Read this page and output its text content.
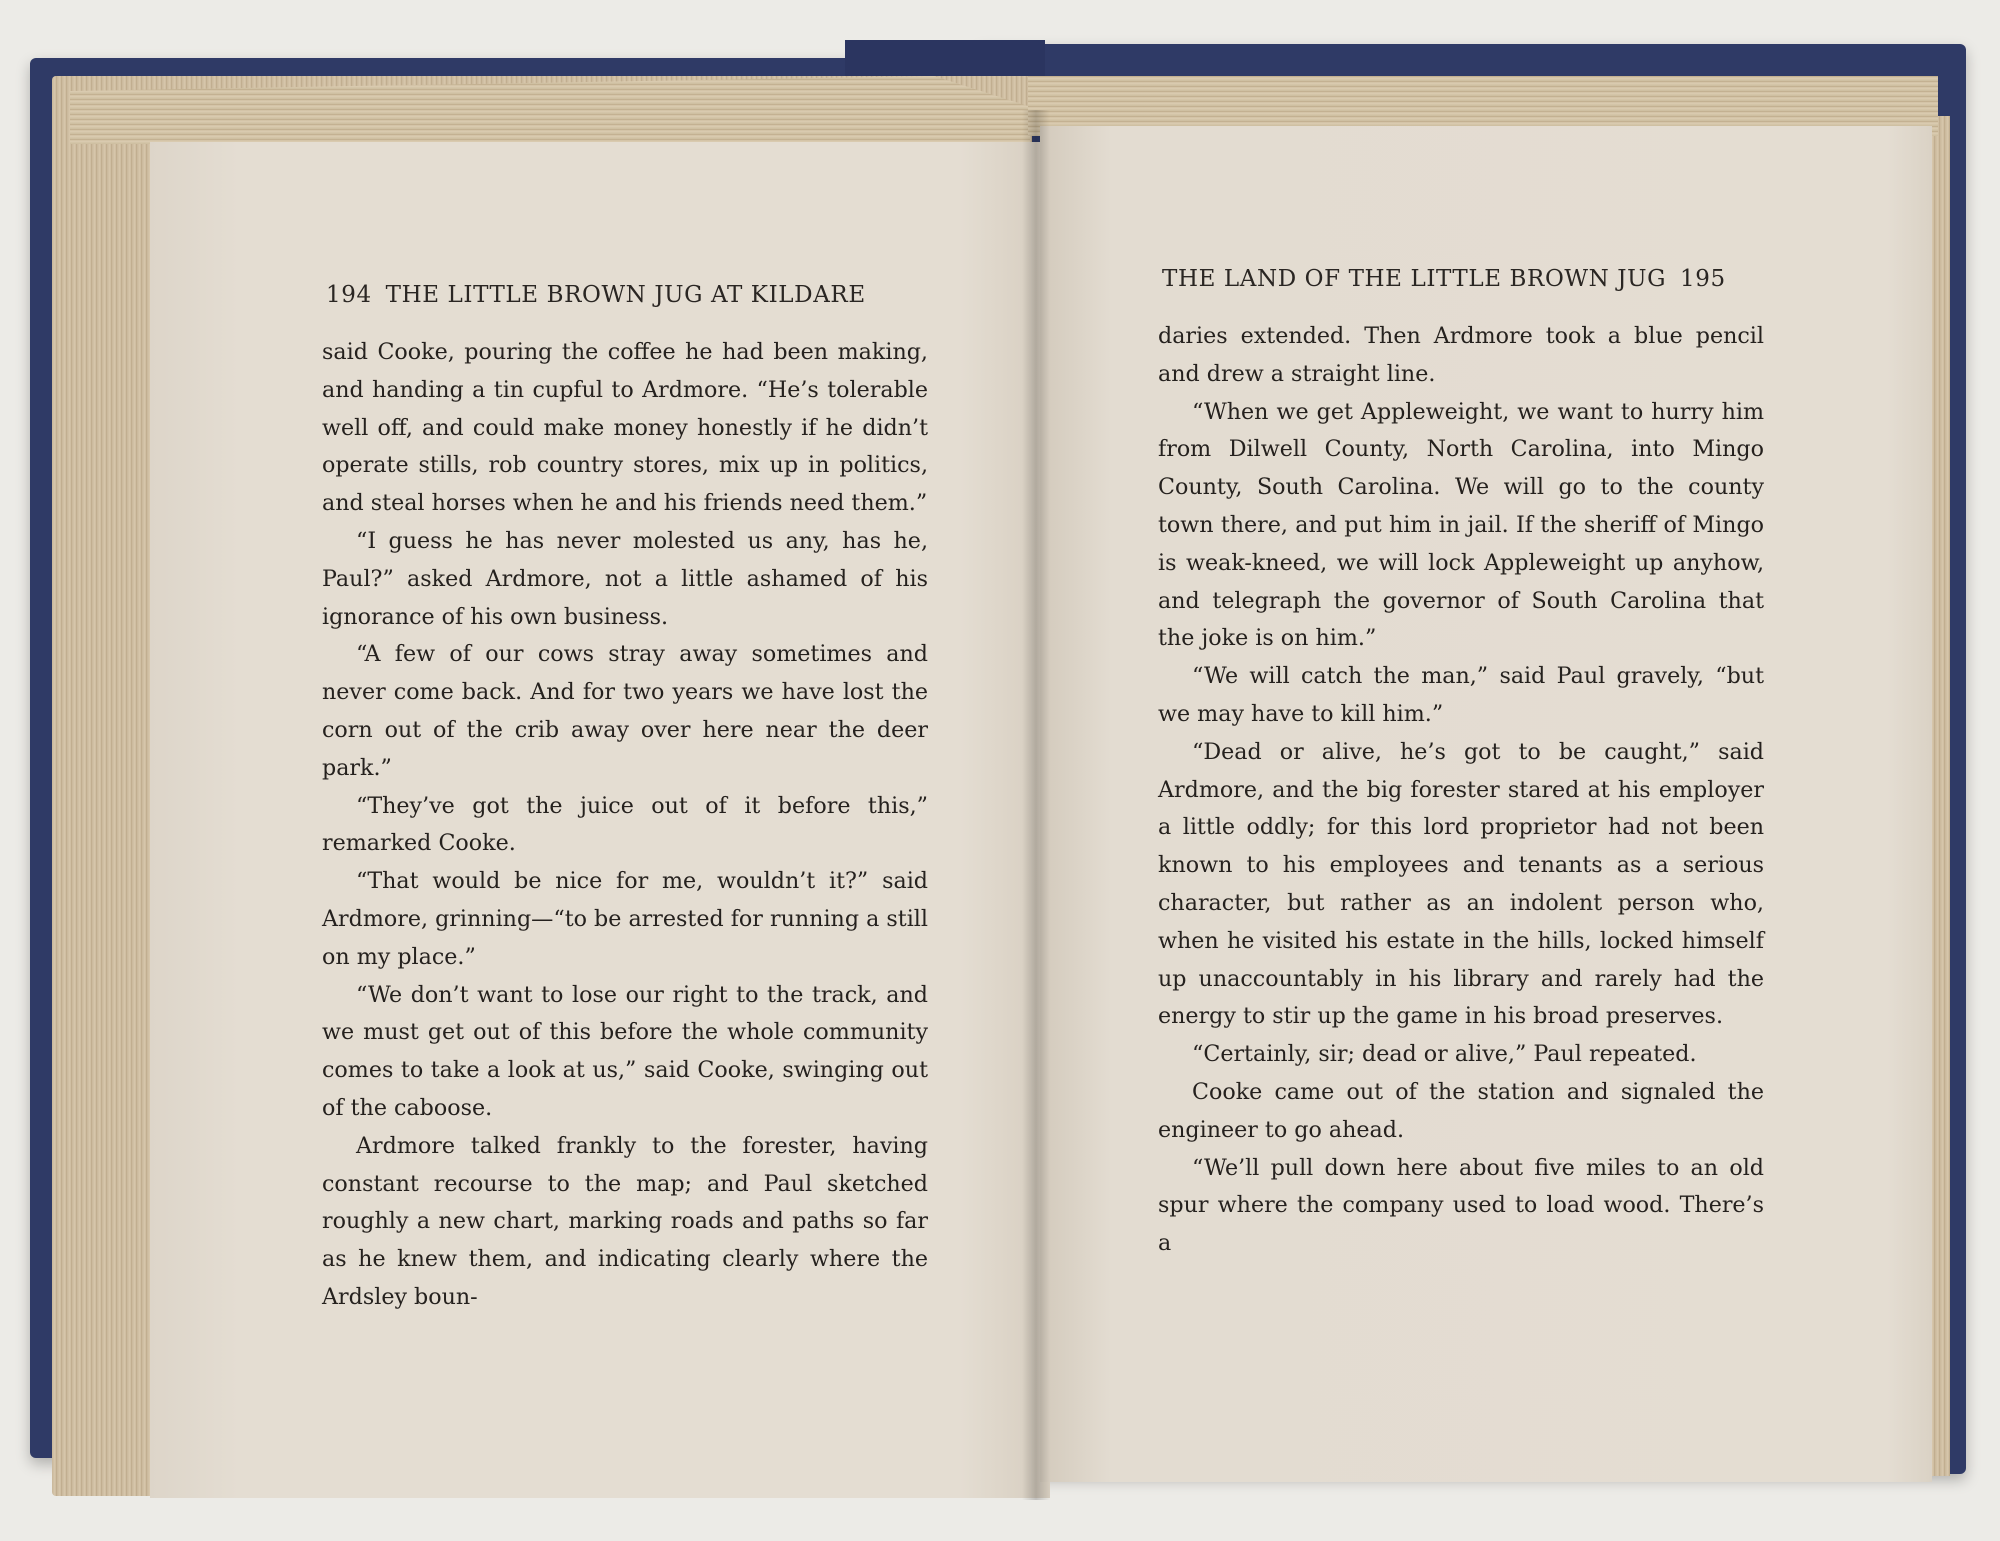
194 THE LITTLE BROWN JUG AT KILDARE

said Cooke, pouring the coffee he had been making, and handing a tin cupful to Ardmore. “He’s tolerable well off, and could make money honestly if he didn’t operate stills, rob country stores, mix up in politics, and steal horses when he and his friends need them.”

“I guess he has never molested us any, has he, Paul?” asked Ardmore, not a little ashamed of his ignorance of his own business.

“A few of our cows stray away sometimes and never come back. And for two years we have lost the corn out of the crib away over here near the deer park.”

“They’ve got the juice out of it before this,” remarked Cooke.

“That would be nice for me, wouldn’t it?” said Ardmore, grinning—“to be arrested for running a still on my place.”

“We don’t want to lose our right to the track, and we must get out of this before the whole community comes to take a look at us,” said Cooke, swinging out of the caboose.

Ardmore talked frankly to the forester, having constant recourse to the map; and Paul sketched roughly a new chart, marking roads and paths so far as he knew them, and indicating clearly where the Ardsley boun-

THE LAND OF THE LITTLE BROWN JUG 195

daries extended. Then Ardmore took a blue pencil and drew a straight line.

“When we get Appleweight, we want to hurry him from Dilwell County, North Carolina, into Mingo County, South Carolina. We will go to the county town there, and put him in jail. If the sheriff of Mingo is weak-kneed, we will lock Appleweight up anyhow, and telegraph the governor of South Carolina that the joke is on him.”

“We will catch the man,” said Paul gravely, “but we may have to kill him.”

“Dead or alive, he’s got to be caught,” said Ardmore, and the big forester stared at his employer a little oddly; for this lord proprietor had not been known to his employees and tenants as a serious character, but rather as an indolent person who, when he visited his estate in the hills, locked himself up unaccountably in his library and rarely had the energy to stir up the game in his broad preserves.

“Certainly, sir; dead or alive,” Paul repeated.

Cooke came out of the station and signaled the engineer to go ahead.

“We’ll pull down here about five miles to an old spur where the company used to load wood. There’s a
